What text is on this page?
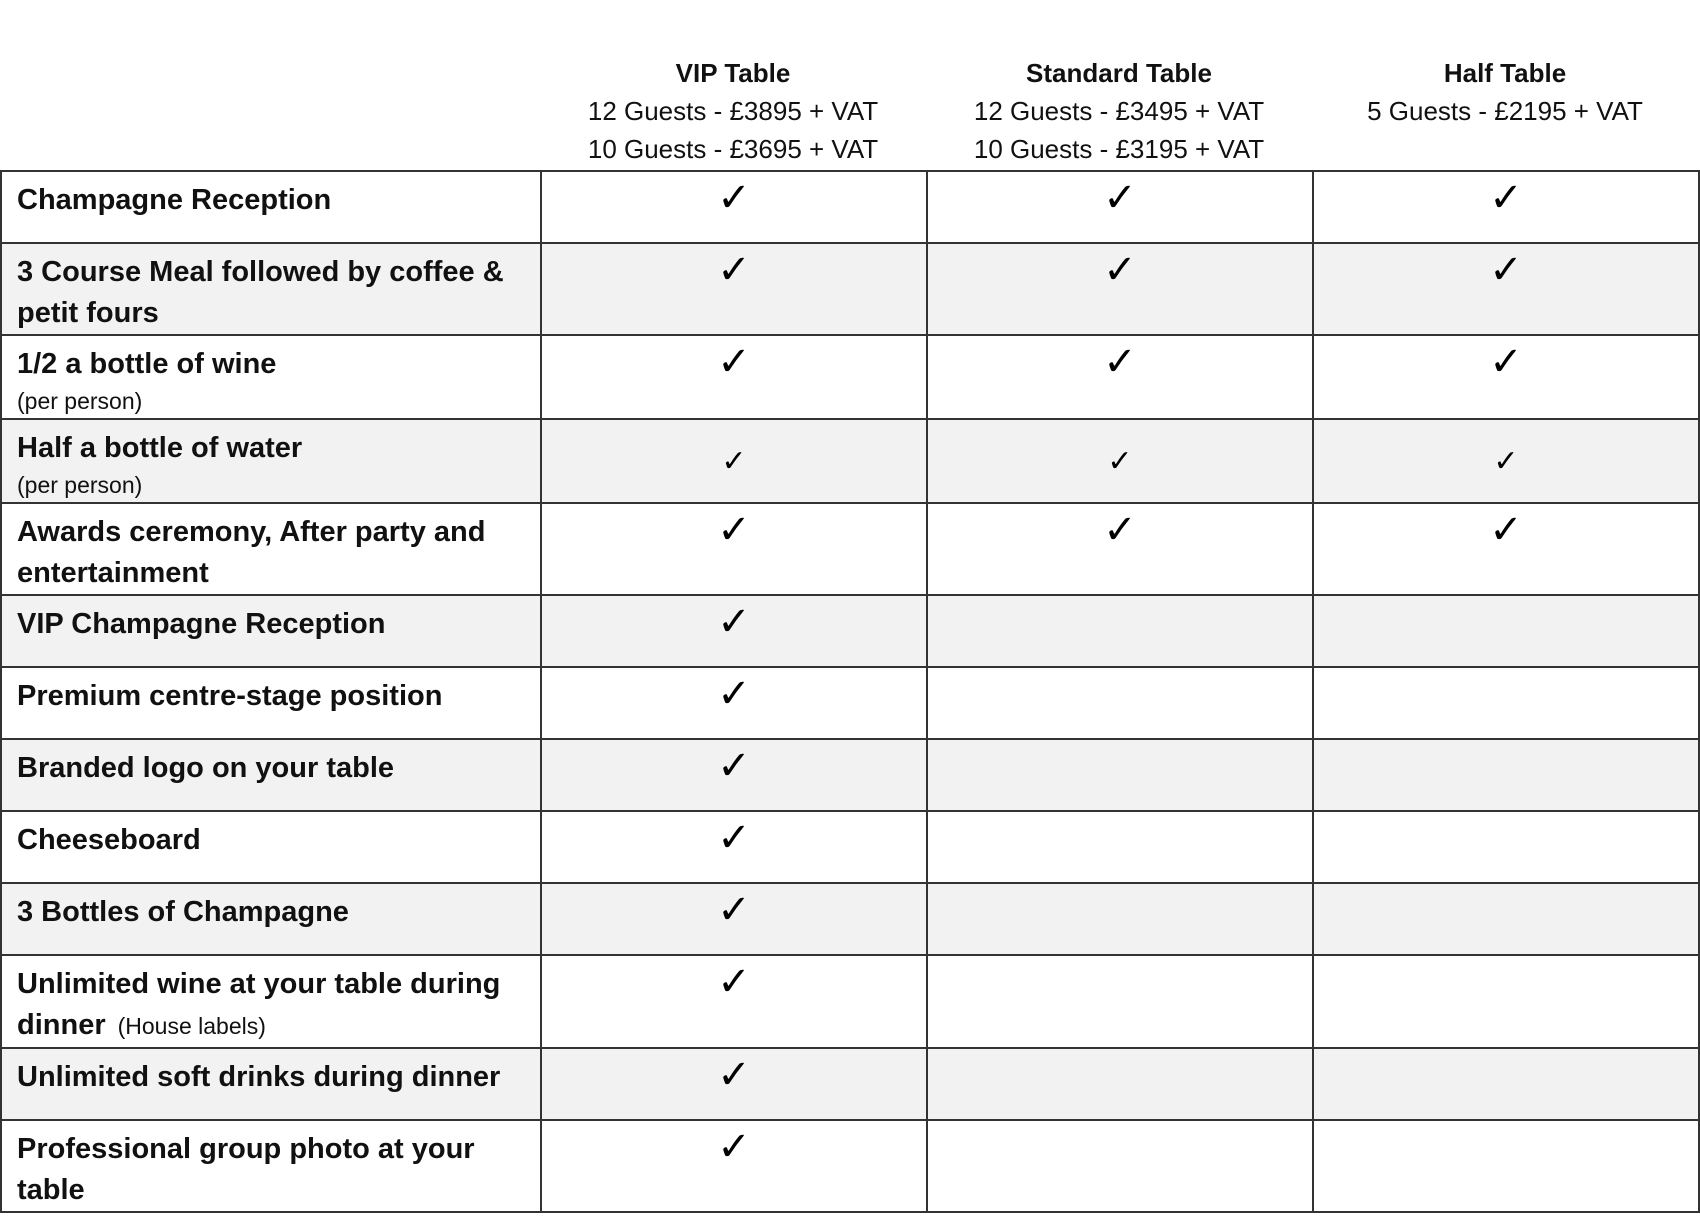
VIP Table
12 Guests - £3895 + VAT
10 Guests - £3695 + VAT
Standard Table
12 Guests - £3495 + VAT
10 Guests - £3195 + VAT
Half Table
5 Guests - £2195 + VAT
Champagne Reception	✓	✓	✓

3 Course Meal followed by coffee & petit fours	✓	✓	✓

1/2 a bottle of wine
(per person)	✓	✓	✓

Half a bottle of water
(per person)	✓	✓	✓

Awards ceremony, After party and entertainment	✓	✓	✓

VIP Champagne Reception	✓		

Premium centre-stage position	✓		

Branded logo on your table	✓		

Cheeseboard	✓		

3 Bottles of Champagne	✓		

Unlimited wine at your table during dinner (House labels)	✓		

Unlimited soft drinks during dinner	✓		

Professional group photo at your table	✓		
